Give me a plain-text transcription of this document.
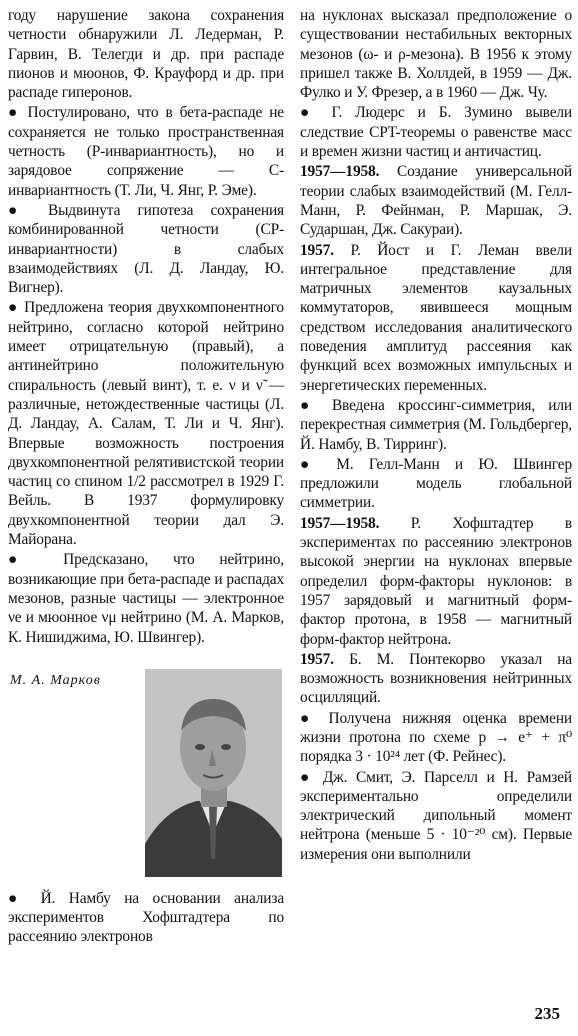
году нарушение закона сохранения четности обнаружили Л. Ледерман, Р. Гарвин, В. Телегди и др. при распаде пионов и мюонов, Ф. Крауфорд и др. при распаде гиперонов.

● Постулировано, что в бета-распаде не сохраняется не только пространственная четность (P-инвариантность), но и зарядовое сопряжение — C-инвариантность (Т. Ли, Ч. Янг, Р. Эме).

● Выдвинута гипотеза сохранения комбинированной четности (CP-инвариантности) в слабых взаимодействиях (Л. Д. Ландау, Ю. Вигнер).

● Предложена теория двухкомпонентного нейтрино, согласно которой нейтрино имеет отрицательную (правый), а антинейтрино положительную спиральность (левый винт), т. е. ν и ν̃ — различные, нетождественные частицы (Л. Д. Ландау, А. Салам, Т. Ли и Ч. Янг). Впервые возможность построения двухкомпонентной релятивистской теории частиц со спином 1/2 рассмотрел в 1929 Г. Вейль. В 1937 формулировку двухкомпонентной теории дал Э. Майорана.

● Предсказано, что нейтрино, возникающие при бета-распаде и распадах мезонов, разные частицы — электронное νe и мюонное νμ нейтрино (М. А. Марков, К. Нишиджима, Ю. Швингер).

М. А. Марков

● Й. Намбу на основании анализа экспериментов Хофштадтера по рассеянию электронов

на нуклонах высказал предположение о существовании нестабильных векторных мезонов (ω- и ρ-мезона). В 1956 к этому пришел также В. Холлдей, в 1959 — Дж. Фулко и У. Фрезер, а в 1960 — Дж. Чу.

● Г. Людерс и Б. Зумино вывели следствие CPT-теоремы о равенстве масс и времен жизни частиц и античастиц.

1957—1958. Создание универсальной теории слабых взаимодействий (М. Гелл-Манн, Р. Фейнман, Р. Маршак, Э. Сударшан, Дж. Сакураи).

1957. Р. Йост и Г. Леман ввели интегральное представление для матричных элементов каузальных коммутаторов, явившееся мощным средством исследования аналитического поведения амплитуд рассеяния как функций всех возможных импульсных и энергетических переменных.

● Введена кроссинг-симметрия, или перекрестная симметрия (М. Гольдбергер, Й. Намбу, В. Тирринг).

● М. Гелл-Манн и Ю. Швингер предложили модель глобальной симметрии.

1957—1958. Р. Хофштадтер в экспериментах по рассеянию электронов высокой энергии на нуклонах впервые определил форм-факторы нуклонов: в 1957 зарядовый и магнитный форм-фактор протона, в 1958 — магнитный форм-фактор нейтрона.

1957. Б. М. Понтекорво указал на возможность возникновения нейтринных осцилляций.

● Получена нижняя оценка времени жизни протона по схеме p → e⁺ + π⁰ порядка 3 · 10²⁴ лет (Ф. Рейнес).

● Дж. Смит, Э. Парселл и Н. Рамзей экспериментально определили электрический дипольный момент нейтрона (меньше 5 · 10⁻²⁰ см). Первые измерения они выполнили

235
